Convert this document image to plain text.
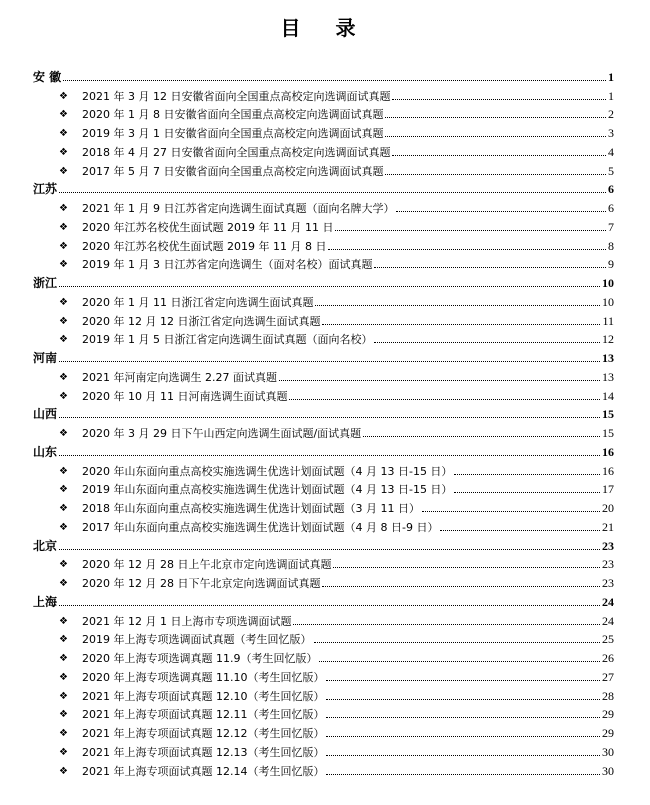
目 录
安 徽	1
❖	2021 年 3 月 12 日安徽省面向全国重点高校定向选调面试真题	1
❖	2020 年 1 月 8 日安徽省面向全国重点高校定向选调面试真题	2
❖	2019 年 3 月 1 日安徽省面向全国重点高校定向选调面试真题	3
❖	2018 年 4 月 27 日安徽省面向全国重点高校定向选调面试真题	4
❖	2017 年 5 月 7 日安徽省面向全国重点高校定向选调面试真题	5
江苏	6
❖	2021 年 1 月 9 日江苏省定向选调生面试真题（面向名牌大学）	6
❖	2020 年江苏名校优生面试题 2019 年 11 月 11 日	7
❖	2020 年江苏名校优生面试题 2019 年 11 月 8 日	8
❖	2019 年 1 月 3 日江苏省定向选调生（面对名校）面试真题	9
浙江	10
❖	2020 年 1 月 11 日浙江省定向选调生面试真题	10
❖	2020 年 12 月 12 日浙江省定向选调生面试真题	11
❖	2019 年 1 月 5 日浙江省定向选调生面试真题（面向名校）	12
河南	13
❖	2021 年河南定向选调生 2.27 面试真题	13
❖	2020 年 10 月 11 日河南选调生面试真题	14
山西	15
❖	2020 年 3 月 29 日下午山西定向选调生面试题/面试真题	15
山东	16
❖	2020 年山东面向重点高校实施选调生优选计划面试题（4 月 13 日-15 日）	16
❖	2019 年山东面向重点高校实施选调生优选计划面试题（4 月 13 日-15 日）	17
❖	2018 年山东面向重点高校实施选调生优选计划面试题（3 月 11 日）	20
❖	2017 年山东面向重点高校实施选调生优选计划面试题（4 月 8 日-9 日）	21
北京	23
❖	2020 年 12 月 28 日上午北京市定向选调面试真题	23
❖	2020 年 12 月 28 日下午北京定向选调面试真题	23
上海	24
❖	2021 年 12 月 1 日上海市专项选调面试题	24
❖	2019 年上海专项选调面试真题（考生回忆版）	25
❖	2020 年上海专项选调真题 11.9（考生回忆版）	26
❖	2020 年上海专项选调真题 11.10（考生回忆版）	27
❖	2021 年上海专项面试真题 12.10（考生回忆版）	28
❖	2021 年上海专项面试真题 12.11（考生回忆版）	29
❖	2021 年上海专项面试真题 12.12（考生回忆版）	29
❖	2021 年上海专项面试真题 12.13（考生回忆版）	30
❖	2021 年上海专项面试真题 12.14（考生回忆版）	30
